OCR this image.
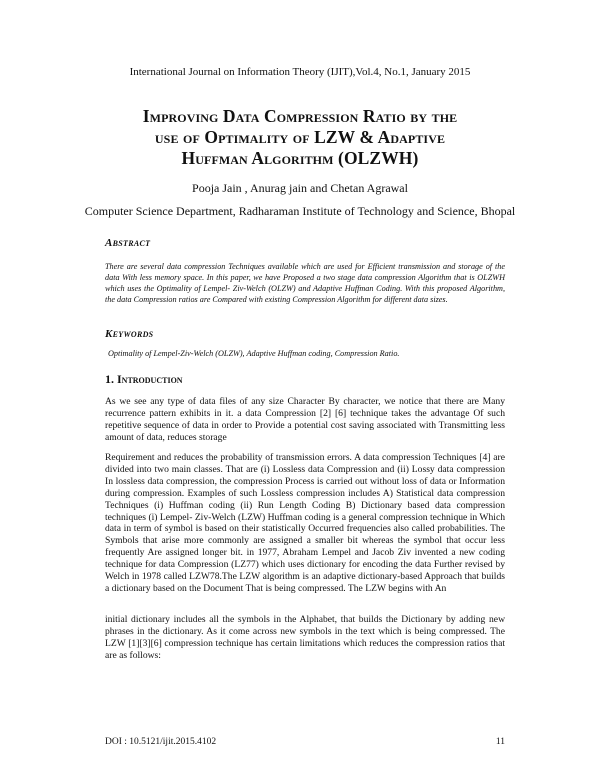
International Journal on Information Theory (IJIT),Vol.4, No.1, January 2015
Improving Data Compression Ratio by the
use of Optimality of LZW & Adaptive
Huffman Algorithm (OLZWH)
Pooja Jain , Anurag jain and Chetan Agrawal
Computer Science Department, Radharaman Institute of Technology and Science, Bhopal
Abstract
There are several data compression Techniques available which are used for Efficient transmission and storage of the data With less memory space. In this paper, we have Proposed a two stage data compression Algorithm that is OLZWH which uses the Optimality of Lempel- Ziv-Welch (OLZW) and Adaptive Huffman Coding. With this proposed Algorithm, the data Compression ratios are Compared with existing Compression Algorithm for different data sizes.
Keywords
Optimality of Lempel-Ziv-Welch (OLZW), Adaptive Huffman coding, Compression Ratio.
1. Introduction
As we see any type of data files of any size Character By character, we notice that there are Many recurrence pattern exhibits in it. a data Compression [2] [6] technique takes the advantage Of such repetitive sequence of data in order to Provide a potential cost saving associated with Transmitting less amount of data, reduces storage
Requirement and reduces the probability of transmission errors. A data compression Techniques [4] are divided into two main classes. That are (i) Lossless data Compression and (ii) Lossy data compression In lossless data compression, the compression Process is carried out without loss of data or Information during compression. Examples of such Lossless compression includes A) Statistical data compression Techniques (i) Huffman coding (ii) Run Length Coding B) Dictionary based data compression techniques (i) Lempel- Ziv-Welch (LZW) Huffman coding is a general compression technique in Which data in term of symbol is based on their statistically Occurred frequencies also called probabilities. The Symbols that arise more commonly are assigned a smaller bit whereas the symbol that occur less frequently Are assigned longer bit. in 1977, Abraham Lempel and Jacob Ziv invented a new coding technique for data Compression (LZ77) which uses dictionary for encoding the data Further revised by Welch in 1978 called LZW78.The LZW algorithm is an adaptive dictionary-based Approach that builds a dictionary based on the Document That is being compressed. The LZW begins with An
initial dictionary includes all the symbols in the Alphabet, that builds the Dictionary by adding new phrases in the dictionary. As it come across new symbols in the text which is being compressed. The LZW [1][3][6] compression technique has certain limitations which reduces the compression ratios that are as follows:
DOI : 10.5121/ijit.2015.4102	11
